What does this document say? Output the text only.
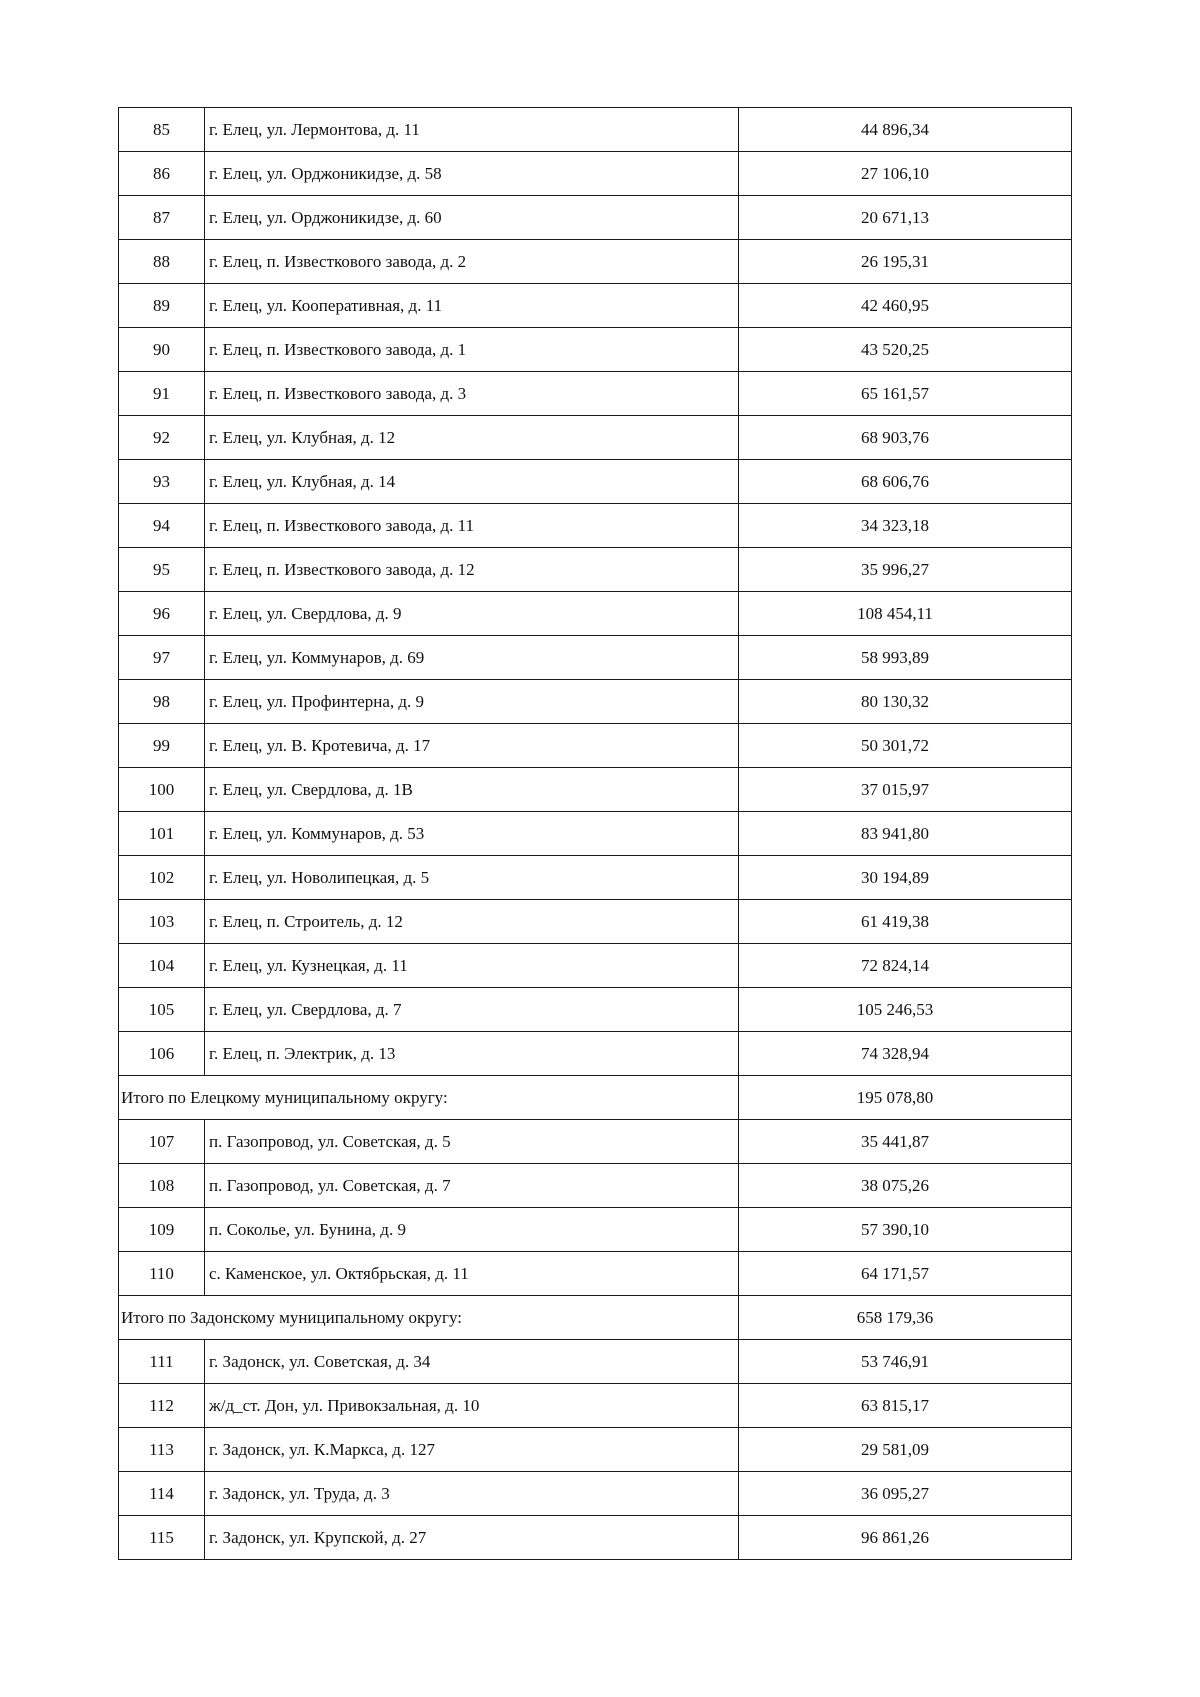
85	г. Елец, ул. Лермонтова, д. 11	44 896,34
86	г. Елец, ул. Орджоникидзе, д. 58	27 106,10
87	г. Елец, ул. Орджоникидзе, д. 60	20 671,13
88	г. Елец, п. Известкового завода, д. 2	26 195,31
89	г. Елец, ул. Кооперативная, д. 11	42 460,95
90	г. Елец, п. Известкового завода, д. 1	43 520,25
91	г. Елец, п. Известкового завода, д. 3	65 161,57
92	г. Елец, ул. Клубная, д. 12	68 903,76
93	г. Елец, ул. Клубная, д. 14	68 606,76
94	г. Елец, п. Известкового завода, д. 11	34 323,18
95	г. Елец, п. Известкового завода, д. 12	35 996,27
96	г. Елец, ул. Свердлова, д. 9	108 454,11
97	г. Елец, ул. Коммунаров, д. 69	58 993,89
98	г. Елец, ул. Профинтерна, д. 9	80 130,32
99	г. Елец, ул. В. Кротевича, д. 17	50 301,72
100	г. Елец, ул. Свердлова, д. 1В	37 015,97
101	г. Елец, ул. Коммунаров, д. 53	83 941,80
102	г. Елец, ул. Новолипецкая, д. 5	30 194,89
103	г. Елец, п. Строитель, д. 12	61 419,38
104	г. Елец, ул. Кузнецкая, д. 11	72 824,14
105	г. Елец, ул. Свердлова, д. 7	105 246,53
106	г. Елец, п. Электрик, д. 13	74 328,94
Итого по Елецкому муниципальному округу:		195 078,80
107	п. Газопровод, ул. Советская, д. 5	35 441,87
108	п. Газопровод, ул. Советская, д. 7	38 075,26
109	п. Соколье, ул. Бунина, д. 9	57 390,10
110	с. Каменское, ул. Октябрьская, д. 11	64 171,57
Итого по Задонскому муниципальному округу:		658 179,36
111	г. Задонск, ул. Советская, д. 34	53 746,91
112	ж/д_ст. Дон, ул. Привокзальная, д. 10	63 815,17
113	г. Задонск, ул. К.Маркса, д. 127	29 581,09
114	г. Задонск, ул. Труда, д. 3	36 095,27
115	г. Задонск, ул. Крупской, д. 27	96 861,26
